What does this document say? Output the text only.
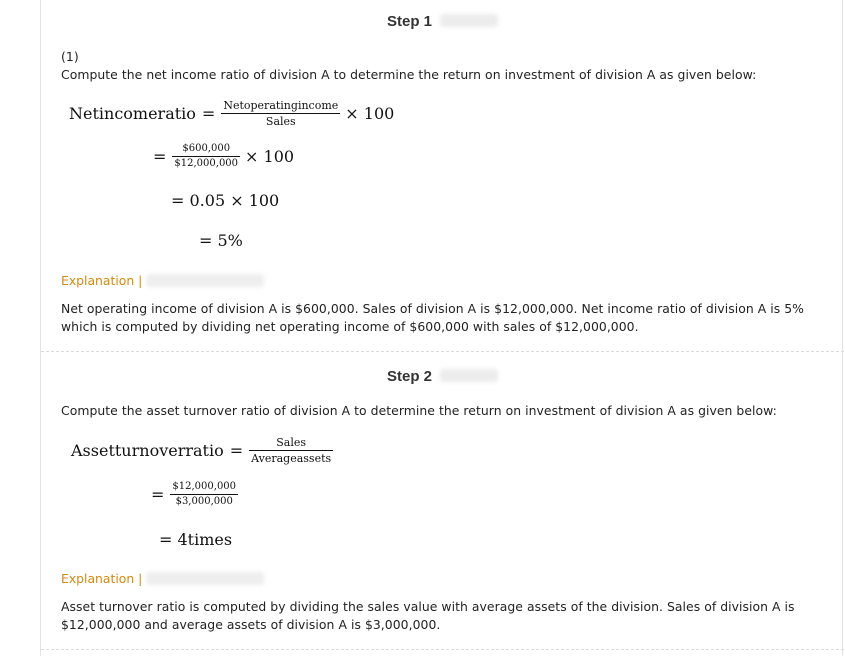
Step 1
(1)
Compute the net income ratio of division A to determine the return on investment of division A as given below:
Netincomeratio = $\frac{\text{Netoperatingincome}}{\text{Sales}} \times 100$
= $\frac{\$600,000}{\$12,000,000} \times 100$
= 0.05 × 100
= 5%
Explanation |
Net operating income of division A is $600,000. Sales of division A is $12,000,000. Net income ratio of division A is 5% which is computed by dividing net operating income of $600,000 with sales of $12,000,000.
Step 2
Compute the asset turnover ratio of division A to determine the return on investment of division A as given below:
Assetturnoverratio = $\frac{\text{Sales}}{\text{Averageassets}}$
= $\frac{\$12,000,000}{\$3,000,000}$
= 4times
Explanation |
Asset turnover ratio is computed by dividing the sales value with average assets of the division. Sales of division A is $12,000,000 and average assets of division A is $3,000,000.
